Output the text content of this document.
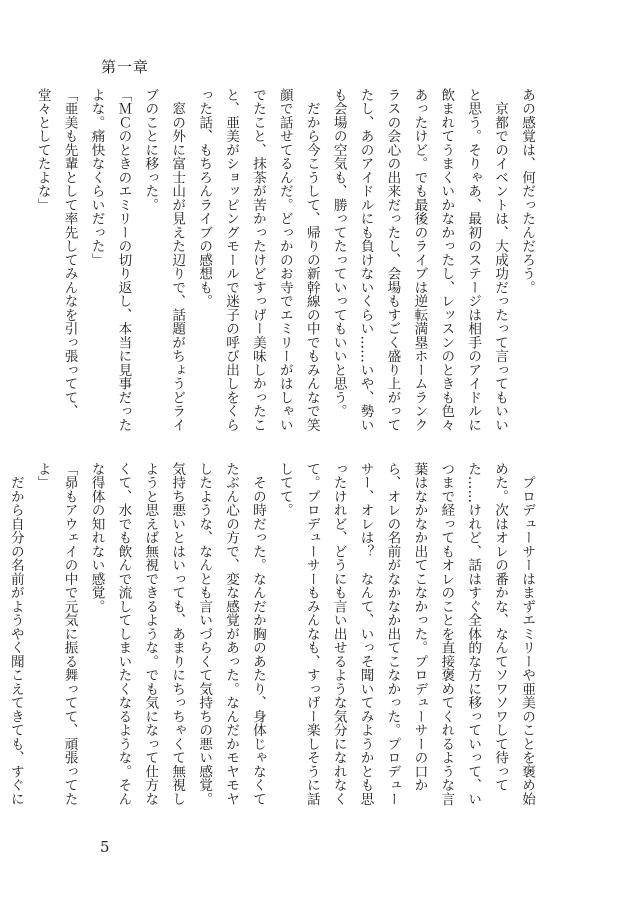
第一章

あの感覚は、何だったんだろう。

　京都でのイベントは、大成功だったって言ってもいいと思う。そりゃあ、最初のステージは相手のアイドルに飲まれてうまくいかなかったし、レッスンのときも色々あったけど。でも最後のライブは逆転満塁ホームランクラスの会心の出来だったし、会場もすごく盛り上がってたし、あのアイドルにも負けないくらい……いや、勢いも会場の空気も、勝ってたっていってもいいと思う。

　だから今こうして、帰りの新幹線の中でもみんなで笑顔で話せてるんだ。どっかのお寺でエミリーがはしゃいでたこと、抹茶が苦かったけどすっげー美味しかったこと、亜美がショッピングモールで迷子の呼び出しをくらった話、もちろんライブの感想も。

　窓の外に富士山が見えた辺りで、話題がちょうどライブのことに移った。

「ＭＣのときのエミリーの切り返し、本当に見事だったよな。痛快なくらいだった」

「亜美も先輩として率先してみんなを引っ張ってて、堂々としてたよな」

　プロデューサーはまずエミリーや亜美のことを褒め始めた。次はオレの番かな、なんてソワソワして待ってた……けれど、話はすぐ全体的な方に移っていって、いつまで経ってもオレのことを直接褒めてくれるような言葉はなかなか出てこなかった。プロデューサーの口から、オレの名前がなかなか出てこなかった。プロデューサー、オレは？　なんて、いっそ聞いてみようかとも思ったけれど、どうにも言い出せるような気分になれなくて。プロデューサーもみんなも、すっげー楽しそうに話してて。

　その時だった。なんだか胸のあたり、身体じゃなくてたぶん心の方で、変な感覚があった。なんだかモヤモヤしたような、なんとも言いづらくて気持ちの悪い感覚。気持ち悪いとはいっても、あまりにちっちゃくて無視しようと思えば無視できるような。でも気になって仕方なくて、水でも飲んで流してしまいたくなるような。そんな得体の知れない感覚。

「昴もアウェイの中で元気に振る舞ってて、頑張ってたよ」

　だから自分の名前がようやく聞こえてきても、すぐに

5
